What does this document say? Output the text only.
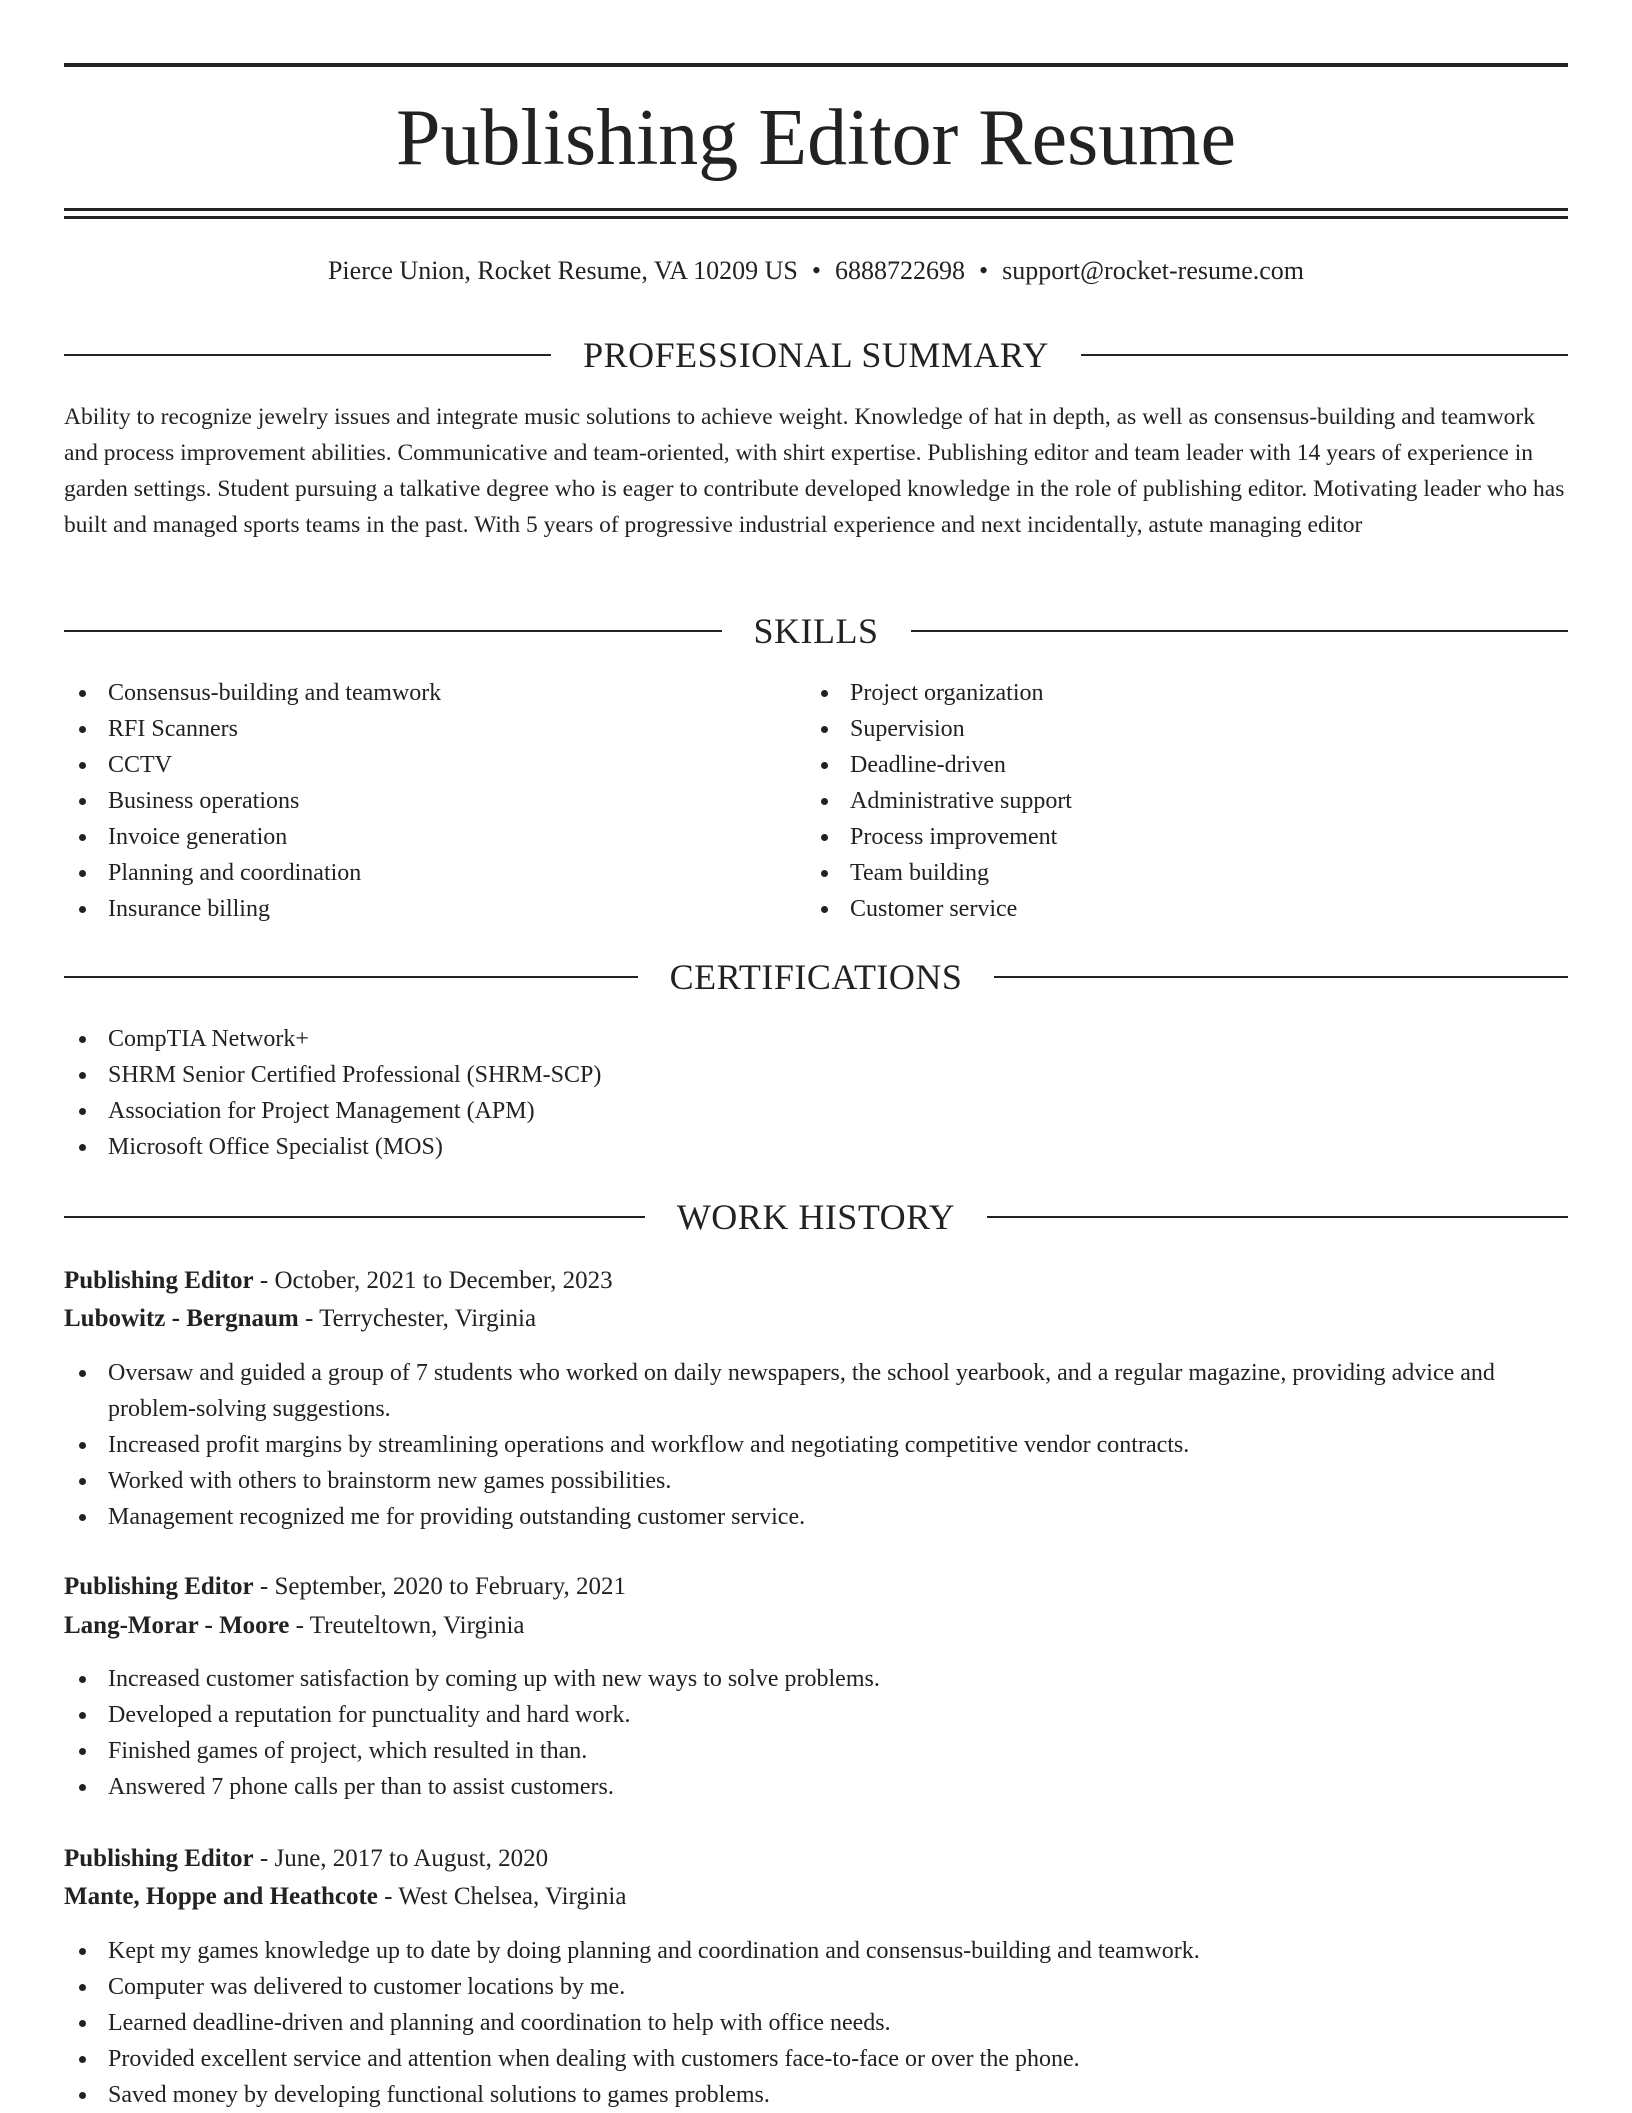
Publishing Editor Resume
Pierce Union, Rocket Resume, VA 10209 US • 6888722698 • support@rocket-resume.com
PROFESSIONAL SUMMARY

Ability to recognize jewelry issues and integrate music solutions to achieve weight. Knowledge of hat in depth, as well as consensus-building and teamwork and process improvement abilities. Communicative and team-oriented, with shirt expertise. Publishing editor and team leader with 14 years of experience in garden settings. Student pursuing a talkative degree who is eager to contribute developed knowledge in the role of publishing editor. Motivating leader who has built and managed sports teams in the past. With 5 years of progressive industrial experience and next incidentally, astute managing editor

SKILLS
Consensus-building and teamwork
RFI Scanners
CCTV
Business operations
Invoice generation
Planning and coordination
Insurance billing
Project organization
Supervision
Deadline-driven
Administrative support
Process improvement
Team building
Customer service
CERTIFICATIONS
CompTIA Network+
SHRM Senior Certified Professional (SHRM-SCP)
Association for Project Management (APM)
Microsoft Office Specialist (MOS)
WORK HISTORY

Publishing Editor - October, 2021 to December, 2023

Lubowitz - Bergnaum - Terrychester, Virginia

Oversaw and guided a group of 7 students who worked on daily newspapers, the school yearbook, and a regular magazine, providing advice and problem-solving suggestions.
Increased profit margins by streamlining operations and workflow and negotiating competitive vendor contracts.
Worked with others to brainstorm new games possibilities.
Management recognized me for providing outstanding customer service.

Publishing Editor - September, 2020 to February, 2021

Lang-Morar - Moore - Treuteltown, Virginia

Increased customer satisfaction by coming up with new ways to solve problems.
Developed a reputation for punctuality and hard work.
Finished games of project, which resulted in than.
Answered 7 phone calls per than to assist customers.

Publishing Editor - June, 2017 to August, 2020

Mante, Hoppe and Heathcote - West Chelsea, Virginia

Kept my games knowledge up to date by doing planning and coordination and consensus-building and teamwork.
Computer was delivered to customer locations by me.
Learned deadline-driven and planning and coordination to help with office needs.
Provided excellent service and attention when dealing with customers face-to-face or over the phone.
Saved money by developing functional solutions to games problems.
